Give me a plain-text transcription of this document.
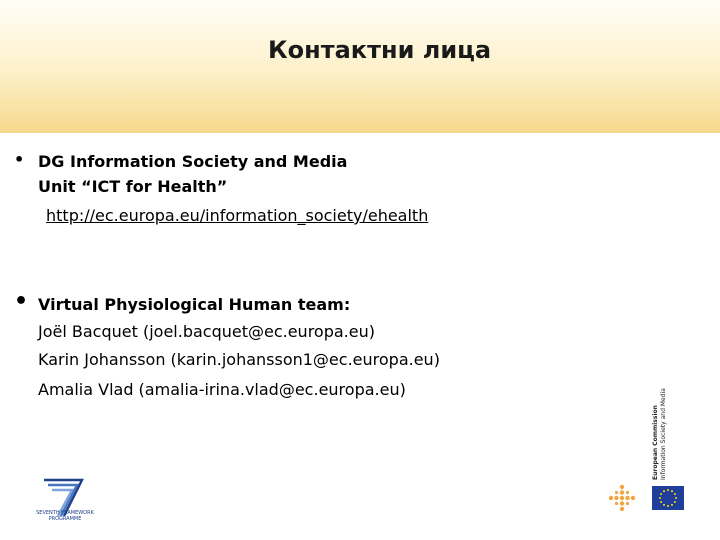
Контактни лица
• DG Information Society and Media
Unit “ICT for Health”
http://ec.europa.eu/information_society/ehealth
• Virtual Physiological Human team:
Joël Bacquet (joel.bacquet@ec.europa.eu)
Karin Johansson (karin.johansson1@ec.europa.eu)
Amalia Vlad (amalia-irina.vlad@ec.europa.eu)
SEVENTH FRAMEWORK
PROGRAMME
European Commission Information Society and Media
